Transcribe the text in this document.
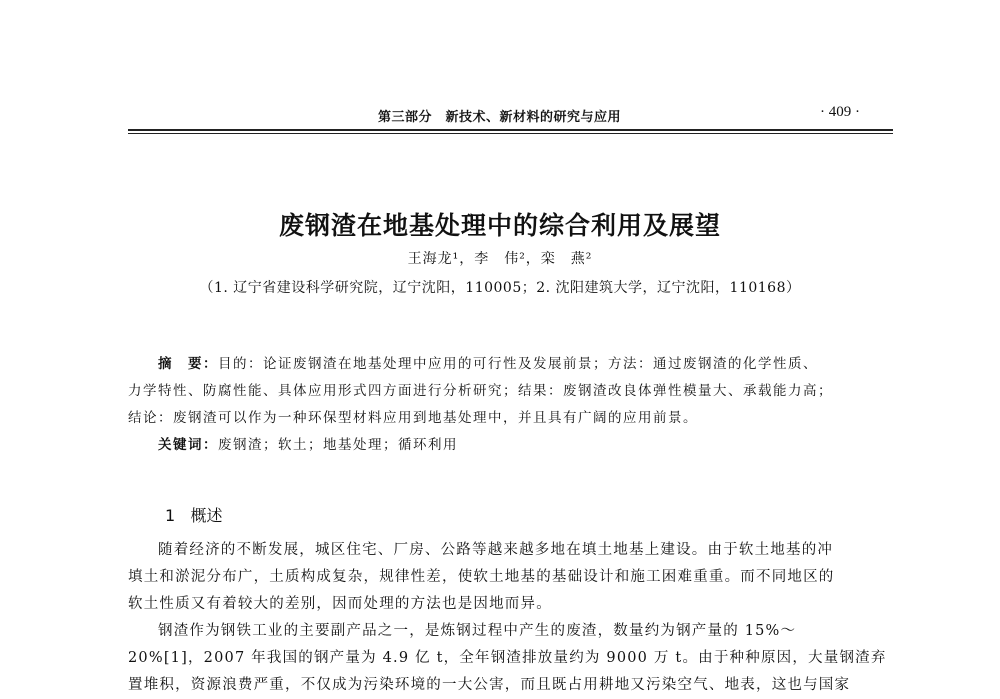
第三部分　新技术、新材料的研究与应用	· 409 ·
废钢渣在地基处理中的综合利用及展望
王海龙¹，李　伟²，栾　燕²
（1. 辽宁省建设科学研究院，辽宁沈阳，110005；2. 沈阳建筑大学，辽宁沈阳，110168）
摘　要：目的：论证废钢渣在地基处理中应用的可行性及发展前景；方法：通过废钢渣的化学性质、
力学特性、防腐性能、具体应用形式四方面进行分析研究；结果：废钢渣改良体弹性模量大、承载能力高；
结论：废钢渣可以作为一种环保型材料应用到地基处理中，并且具有广阔的应用前景。
关键词：废钢渣；软土；地基处理；循环利用
1 概述
随着经济的不断发展，城区住宅、厂房、公路等越来越多地在填土地基上建设。由于软土地基的冲
填土和淤泥分布广，土质构成复杂，规律性差，使软土地基的基础设计和施工困难重重。而不同地区的
软土性质又有着较大的差别，因而处理的方法也是因地而异。
钢渣作为钢铁工业的主要副产品之一，是炼钢过程中产生的废渣，数量约为钢产量的 15%～
20%[1]，2007 年我国的钢产量为 4.9 亿 t，全年钢渣排放量约为 9000 万 t。由于种种原因，大量钢渣弃
置堆积，资源浪费严重，不仅成为污染环境的一大公害，而且既占用耕地又污染空气、地表，这也与国家
